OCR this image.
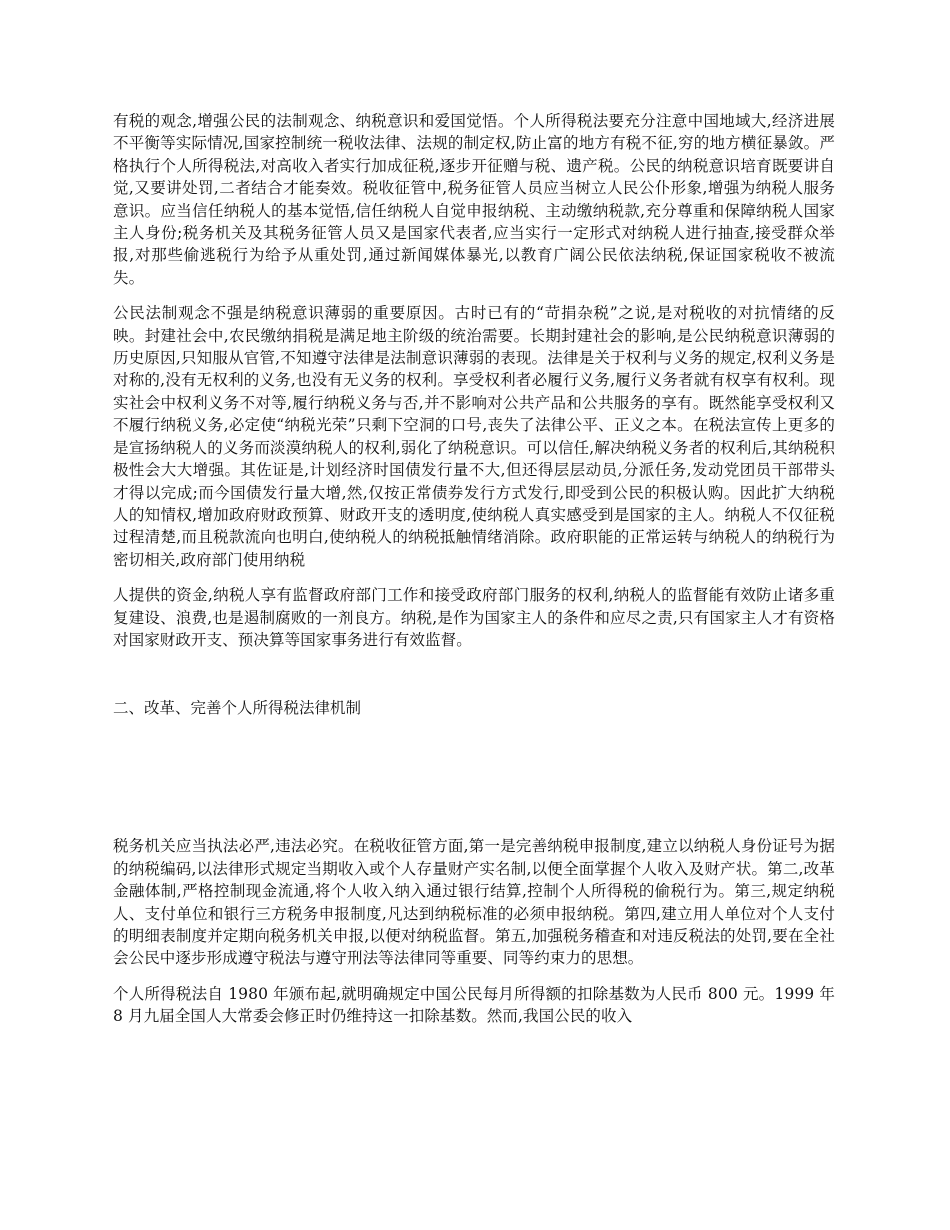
有税的观念,增强公民的法制观念、纳税意识和爱国觉悟。个人所得税法要充分注意中国地域大,经济进展不平衡等实际情况,国家控制统一税收法律、法规的制定权,防止富的地方有税不征,穷的地方横征暴敛。严格执行个人所得税法,对高收入者实行加成征税,逐步开征赠与税、遗产税。公民的纳税意识培育既要讲自觉,又要讲处罚,二者结合才能奏效。税收征管中,税务征管人员应当树立人民公仆形象,增强为纳税人服务意识。应当信任纳税人的基本觉悟,信任纳税人自觉申报纳税、主动缴纳税款,充分尊重和保障纳税人国家主人身份;税务机关及其税务征管人员又是国家代表者,应当实行一定形式对纳税人进行抽查,接受群众举报,对那些偷逃税行为给予从重处罚,通过新闻媒体暴光,以教育广阔公民依法纳税,保证国家税收不被流失。

公民法制观念不强是纳税意识薄弱的重要原因。古时已有的“苛捐杂税”之说,是对税收的对抗情绪的反映。封建社会中,农民缴纳捐税是满足地主阶级的统治需要。长期封建社会的影响,是公民纳税意识薄弱的历史原因,只知服从官管,不知遵守法律是法制意识薄弱的表现。法律是关于权利与义务的规定,权利义务是对称的,没有无权利的义务,也没有无义务的权利。享受权利者必履行义务,履行义务者就有权享有权利。现实社会中权利义务不对等,履行纳税义务与否,并不影响对公共产品和公共服务的享有。既然能享受权利又不履行纳税义务,必定使“纳税光荣”只剩下空洞的口号,丧失了法律公平、正义之本。在税法宣传上更多的是宣扬纳税人的义务而淡漠纳税人的权利,弱化了纳税意识。可以信任,解决纳税义务者的权利后,其纳税积极性会大大增强。其佐证是,计划经济时国债发行量不大,但还得层层动员,分派任务,发动党团员干部带头才得以完成;而今国债发行量大增,然,仅按正常债券发行方式发行,即受到公民的积极认购。因此扩大纳税人的知情权,增加政府财政预算、财政开支的透明度,使纳税人真实感受到是国家的主人。纳税人不仅征税过程清楚,而且税款流向也明白,使纳税人的纳税抵触情绪消除。政府职能的正常运转与纳税人的纳税行为密切相关,政府部门使用纳税

人提供的资金,纳税人享有监督政府部门工作和接受政府部门服务的权利,纳税人的监督能有效防止诸多重复建设、浪费,也是遏制腐败的一剂良方。纳税,是作为国家主人的条件和应尽之责,只有国家主人才有资格对国家财政开支、预决算等国家事务进行有效监督。

二、改革、完善个人所得税法律机制

税务机关应当执法必严,违法必究。在税收征管方面,第一是完善纳税申报制度,建立以纳税人身份证号为据的纳税编码,以法律形式规定当期收入或个人存量财产实名制,以便全面掌握个人收入及财产状。第二,改革金融体制,严格控制现金流通,将个人收入纳入通过银行结算,控制个人所得税的偷税行为。第三,规定纳税人、支付单位和银行三方税务申报制度,凡达到纳税标准的必须申报纳税。第四,建立用人单位对个人支付的明细表制度并定期向税务机关申报,以便对纳税监督。第五,加强税务稽查和对违反税法的处罚,要在全社会公民中逐步形成遵守税法与遵守刑法等法律同等重要、同等约束力的思想。

个人所得税法自 1980 年颁布起,就明确规定中国公民每月所得额的扣除基数为人民币 800 元。1999 年 8 月九届全国人大常委会修正时仍维持这一扣除基数。然而,我国公民的收入
